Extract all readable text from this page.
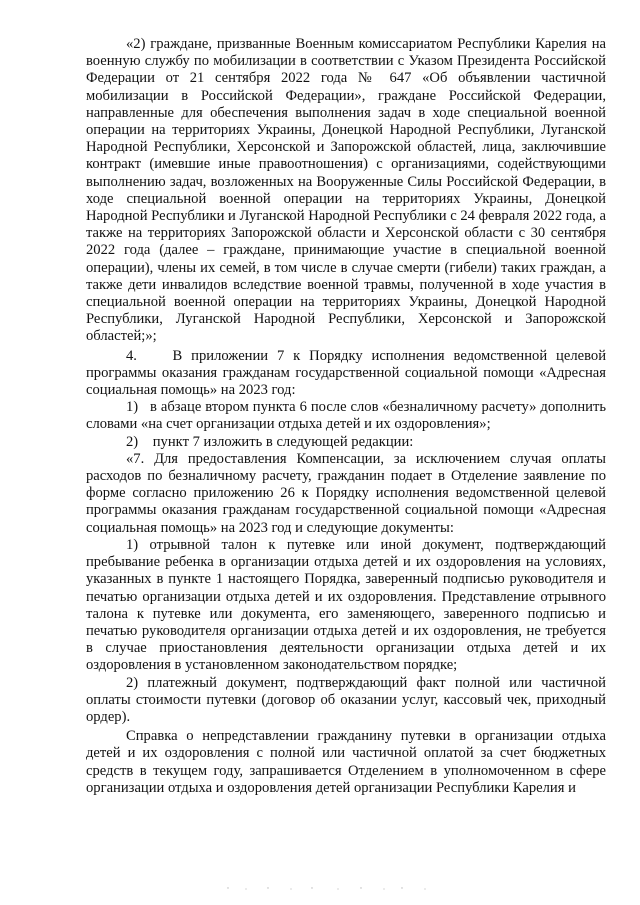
«2) граждане, призванные Военным комиссариатом Республики Карелия на военную службу по мобилизации в соответствии с Указом Президента Российской Федерации от 21 сентября 2022 года № 647 «Об объявлении частичной мобилизации в Российской Федерации», граждане Российской Федерации, направленные для обеспечения выполнения задач в ходе специальной военной операции на территориях Украины, Донецкой Народной Республики, Луганской Народной Республики, Херсонской и Запорожской областей, лица, заключившие контракт (имевшие иные правоотношения) с организациями, содействующими выполнению задач, возложенных на Вооруженные Силы Российской Федерации, в ходе специальной военной операции на территориях Украины, Донецкой Народной Республики и Луганской Народной Республики с 24 февраля 2022 года, а также на территориях Запорожской области и Херсонской области с 30 сентября 2022 года (далее – граждане, принимающие участие в специальной военной операции), члены их семей, в том числе в случае смерти (гибели) таких граждан, а также дети инвалидов вследствие военной травмы, полученной в ходе участия в специальной военной операции на территориях Украины, Донецкой Народной Республики, Луганской Народной Республики, Херсонской и Запорожской областей;»;

4.    В приложении 7 к Порядку исполнения ведомственной целевой программы оказания гражданам государственной социальной помощи «Адресная социальная помощь» на 2023 год:

1)   в абзаце втором пункта 6 после слов «безналичному расчету» дополнить словами «на счет организации отдыха детей и их оздоровления»;

2)    пункт 7 изложить в следующей редакции:

«7. Для предоставления Компенсации, за исключением случая оплаты расходов по безналичному расчету, гражданин подает в Отделение заявление по форме согласно приложению 26 к Порядку исполнения ведомственной целевой программы оказания гражданам государственной социальной помощи «Адресная социальная помощь» на 2023 год и следующие документы:

1) отрывной талон к путевке или иной документ, подтверждающий пребывание ребенка в организации отдыха детей и их оздоровления на условиях, указанных в пункте 1 настоящего Порядка, заверенный подписью руководителя и печатью организации отдыха детей и их оздоровления. Представление отрывного талона к путевке или документа, его заменяющего, заверенного подписью и печатью руководителя организации отдыха детей и их оздоровления, не требуется в случае приостановления деятельности организации отдыха детей и их оздоровления в установленном законодательством порядке;

2) платежный документ, подтверждающий факт полной или частичной оплаты стоимости путевки (договор об оказании услуг, кассовый чек, приходный ордер).

Справка о непредставлении гражданину путевки в организации отдыха детей и их оздоровления с полной или частичной оплатой за счет бюджетных средств в текущем году, запрашивается Отделением в уполномоченном в сфере организации отдыха и оздоровления детей организации Республики Карелия и
